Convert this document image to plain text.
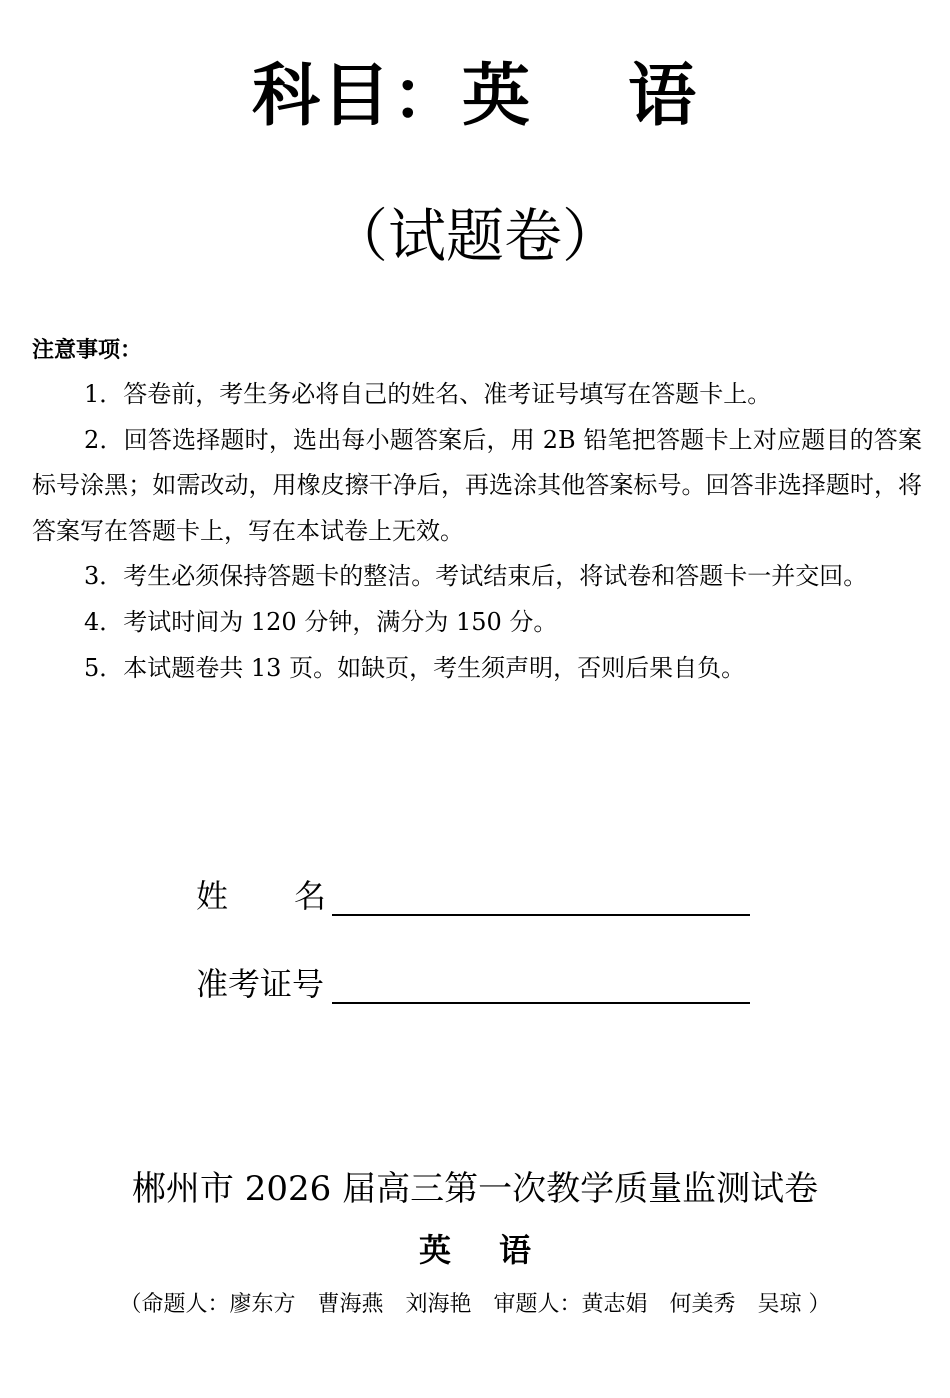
科目：英 语
（试题卷）
注意事项：
1．答卷前，考生务必将自己的姓名、准考证号填写在答题卡上。
2．回答选择题时，选出每小题答案后，用 2B 铅笔把答题卡上对应题目的答案标号涂黑；如需改动，用橡皮擦干净后，再选涂其他答案标号。回答非选择题时，将答案写在答题卡上，写在本试卷上无效。
3．考生必须保持答题卡的整洁。考试结束后，将试卷和答题卡一并交回。
4．考试时间为 120 分钟，满分为 150 分。
5．本试题卷共 13 页。如缺页，考生须声明，否则后果自负。
姓名
准考证号
郴州市 2026 届高三第一次教学质量监测试卷
英 语
（命题人：廖东方　曹海燕　刘海艳　审题人：黄志娟　何美秀　吴琼 ）
